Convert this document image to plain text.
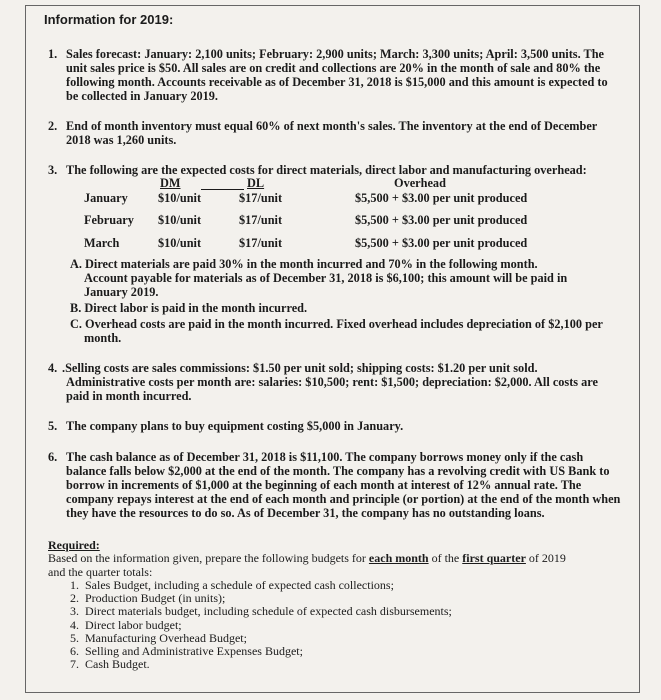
Information for 2019:
1. Sales forecast: January: 2,100 units; February: 2,900 units; March: 3,300 units; April: 3,500 units. The
unit sales price is $50. All sales are on credit and collections are 20% in the month of sale and 80% the
following month. Accounts receivable as of December 31, 2018 is $15,000 and this amount is expected to
be collected in January 2019.
2. End of month inventory must equal 60% of next month's sales. The inventory at the end of December
2018 was 1,260 units.
3. The following are the expected costs for direct materials, direct labor and manufacturing overhead:
DM	DL	Overhead
January $10/unit	$17/unit	$5,500 + $3.00 per unit produced
February $10/unit	$17/unit	$5,500 + $3.00 per unit produced
March	$10/unit	$17/unit	$5,500 + $3.00 per unit produced
A. Direct materials are paid 30% in the month incurred and 70% in the following month.
Account payable for materials as of December 31, 2018 is $6,100; this amount will be paid in
January 2019.
B. Direct labor is paid in the month incurred.
C. Overhead costs are paid in the month incurred. Fixed overhead includes depreciation of $2,100 per
month.
4. .Selling costs are sales commissions: $1.50 per unit sold; shipping costs: $1.20 per unit sold.
Administrative costs per month are: salaries: $10,500; rent: $1,500; depreciation: $2,000. All costs are
paid in month incurred.
5. The company plans to buy equipment costing $5,000 in January.
6. The cash balance as of December 31, 2018 is $11,100. The company borrows money only if the cash
balance falls below $2,000 at the end of the month. The company has a revolving credit with US Bank to
borrow in increments of $1,000 at the beginning of each month at interest of 12% annual rate. The
company repays interest at the end of each month and principle (or portion) at the end of the month when
they have the resources to do so. As of December 31, the company has no outstanding loans.
Required:
Based on the information given, prepare the following budgets for each month of the first quarter of 2019
and the quarter totals:
1. Sales Budget, including a schedule of expected cash collections;
2. Production Budget (in units);
3. Direct materials budget, including schedule of expected cash disbursements;
4. Direct labor budget;
5. Manufacturing Overhead Budget;
6. Selling and Administrative Expenses Budget;
7. Cash Budget.
